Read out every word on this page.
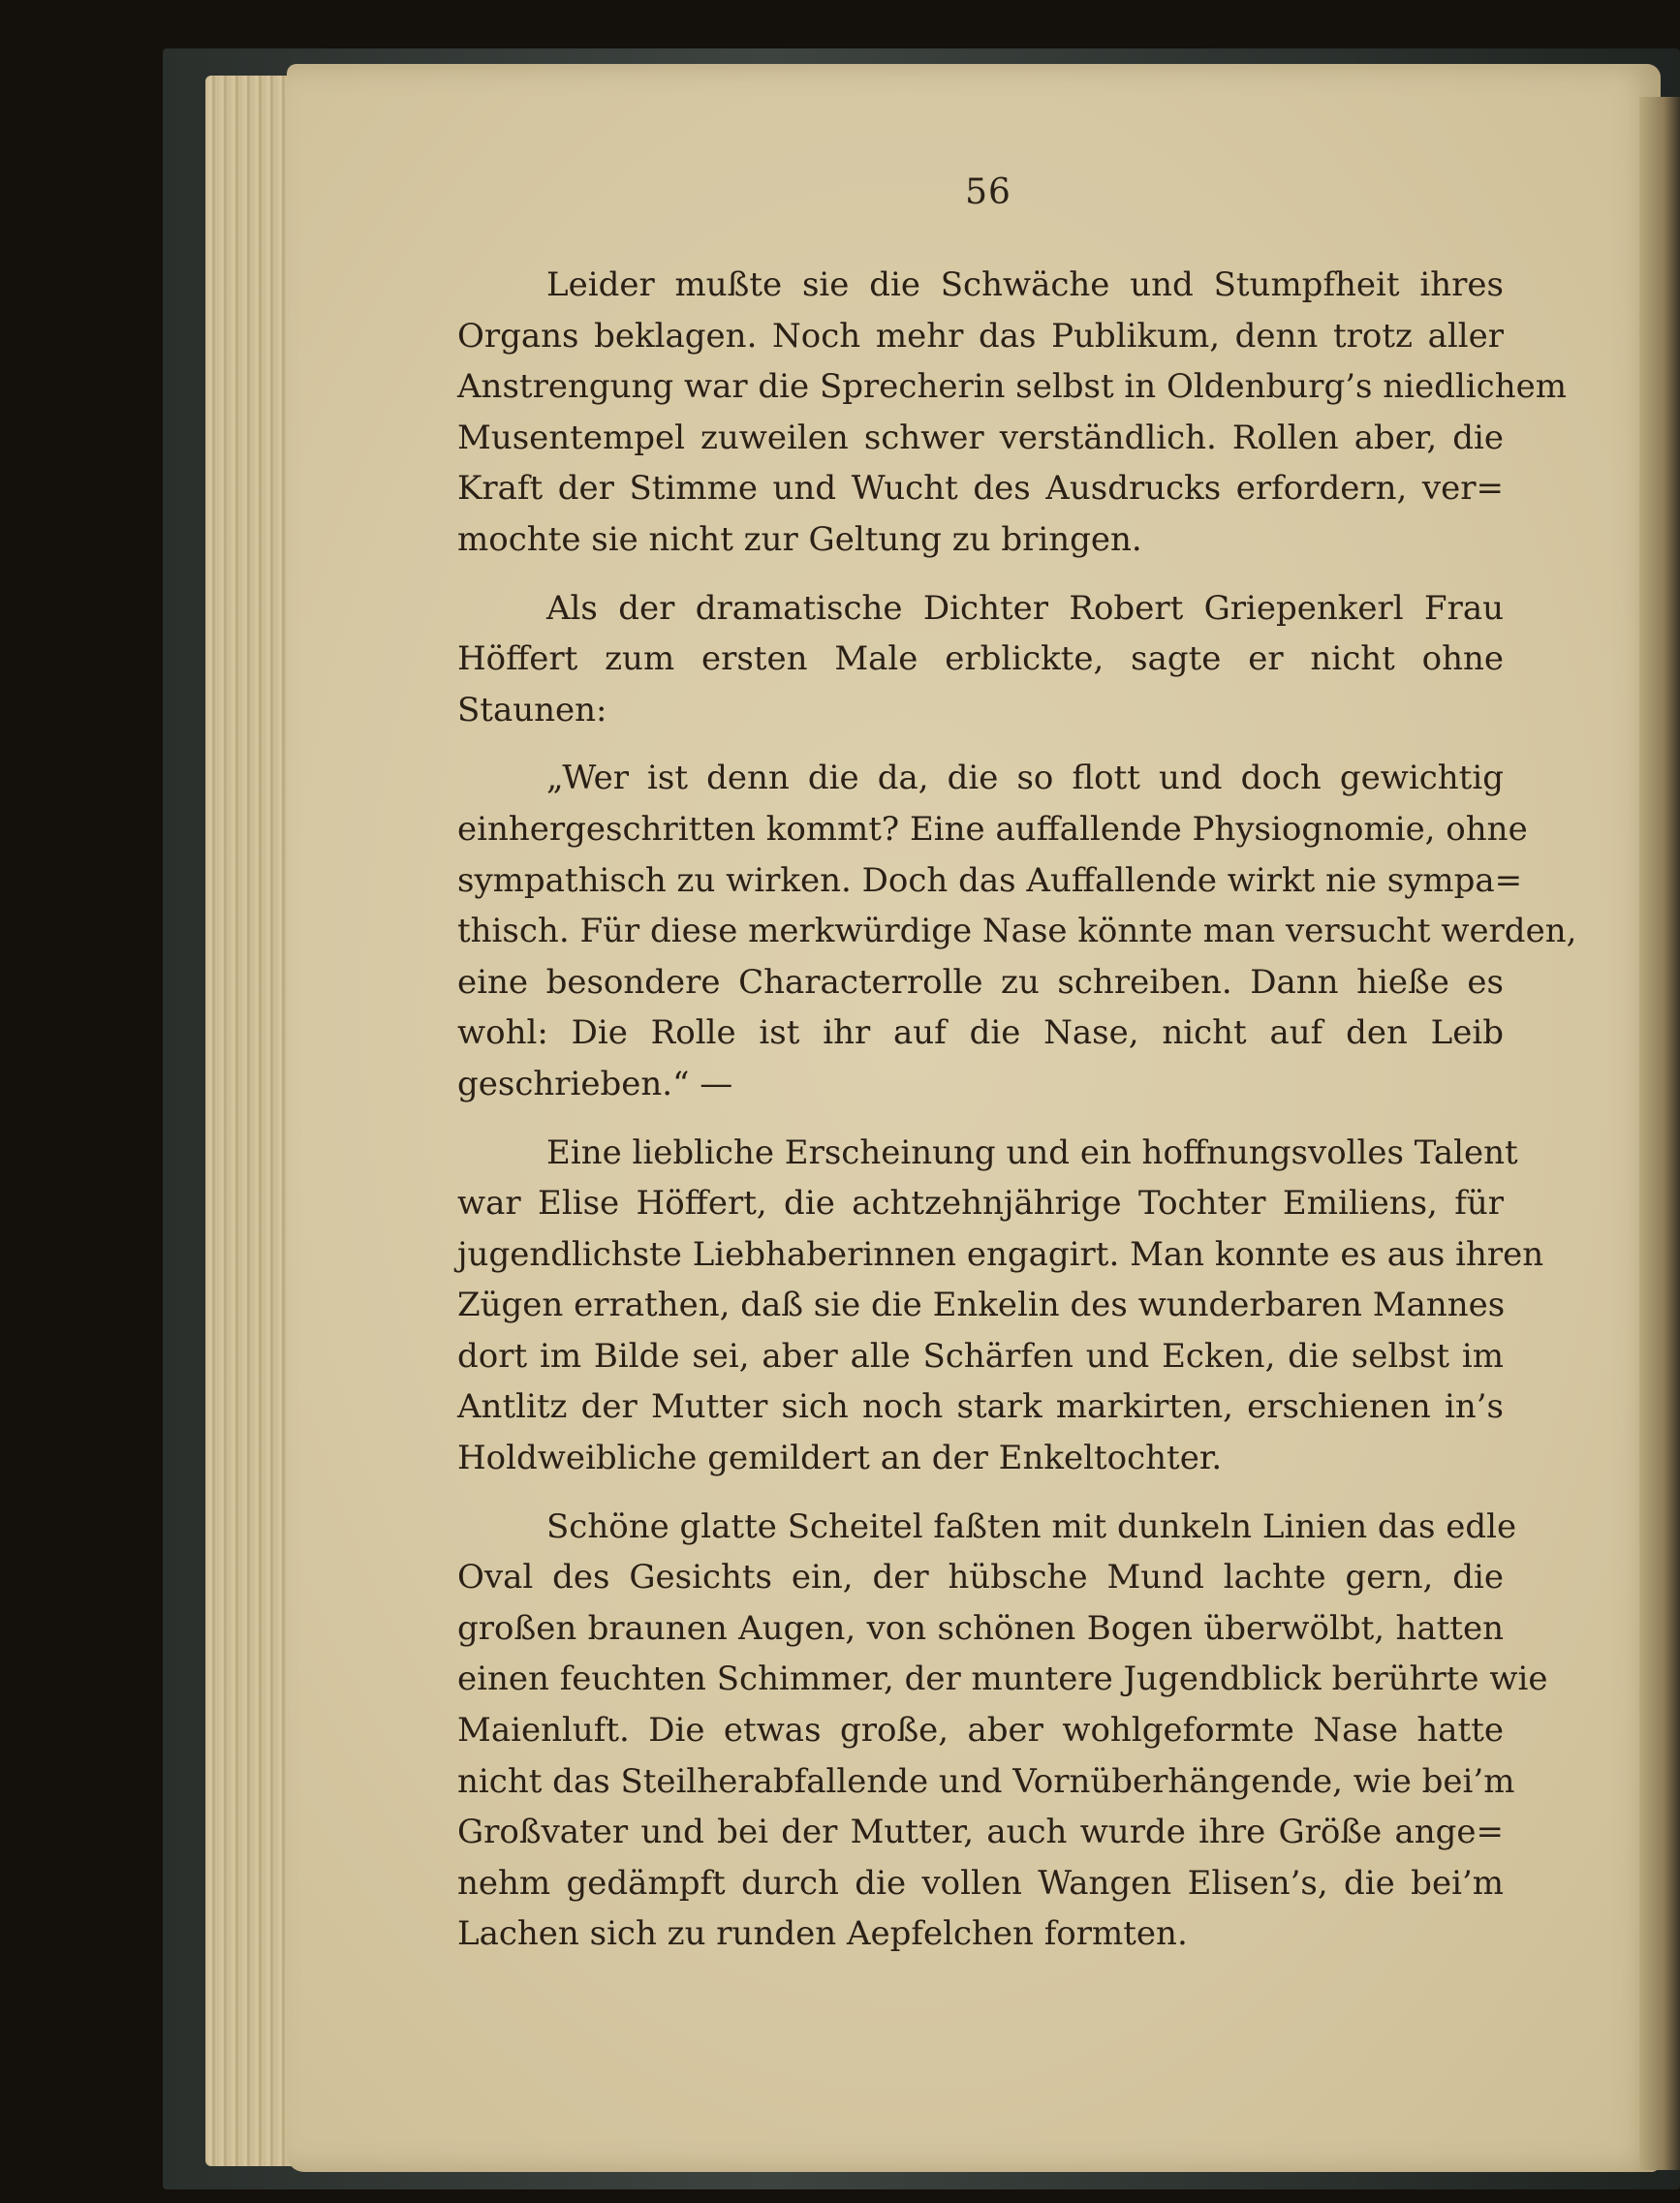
56
Leider mußte sie die Schwäche und Stumpfheit ihres
Organs beklagen. Noch mehr das Publikum, denn trotz aller
Anstrengung war die Sprecherin selbst in Oldenburg’s niedlichem
Musentempel zuweilen schwer verständlich. Rollen aber, die
Kraft der Stimme und Wucht des Ausdrucks erfordern, ver=
mochte sie nicht zur Geltung zu bringen.
Als der dramatische Dichter Robert Griepenkerl Frau
Höffert zum ersten Male erblickte, sagte er nicht ohne
Staunen:
„Wer ist denn die da, die so flott und doch gewichtig
einhergeschritten kommt? Eine auffallende Physiognomie, ohne
sympathisch zu wirken. Doch das Auffallende wirkt nie sympa=
thisch. Für diese merkwürdige Nase könnte man versucht werden,
eine besondere Characterrolle zu schreiben. Dann hieße es
wohl: Die Rolle ist ihr auf die Nase, nicht auf den Leib
geschrieben.“ —
Eine liebliche Erscheinung und ein hoffnungsvolles Talent
war Elise Höffert, die achtzehnjährige Tochter Emiliens, für
jugendlichste Liebhaberinnen engagirt. Man konnte es aus ihren
Zügen errathen, daß sie die Enkelin des wunderbaren Mannes
dort im Bilde sei, aber alle Schärfen und Ecken, die selbst im
Antlitz der Mutter sich noch stark markirten, erschienen in’s
Holdweibliche gemildert an der Enkeltochter.
Schöne glatte Scheitel faßten mit dunkeln Linien das edle
Oval des Gesichts ein, der hübsche Mund lachte gern, die
großen braunen Augen, von schönen Bogen überwölbt, hatten
einen feuchten Schimmer, der muntere Jugendblick berührte wie
Maienluft. Die etwas große, aber wohlgeformte Nase hatte
nicht das Steilherabfallende und Vornüberhängende, wie bei’m
Großvater und bei der Mutter, auch wurde ihre Größe ange=
nehm gedämpft durch die vollen Wangen Elisen’s, die bei’m
Lachen sich zu runden Aepfelchen formten.
